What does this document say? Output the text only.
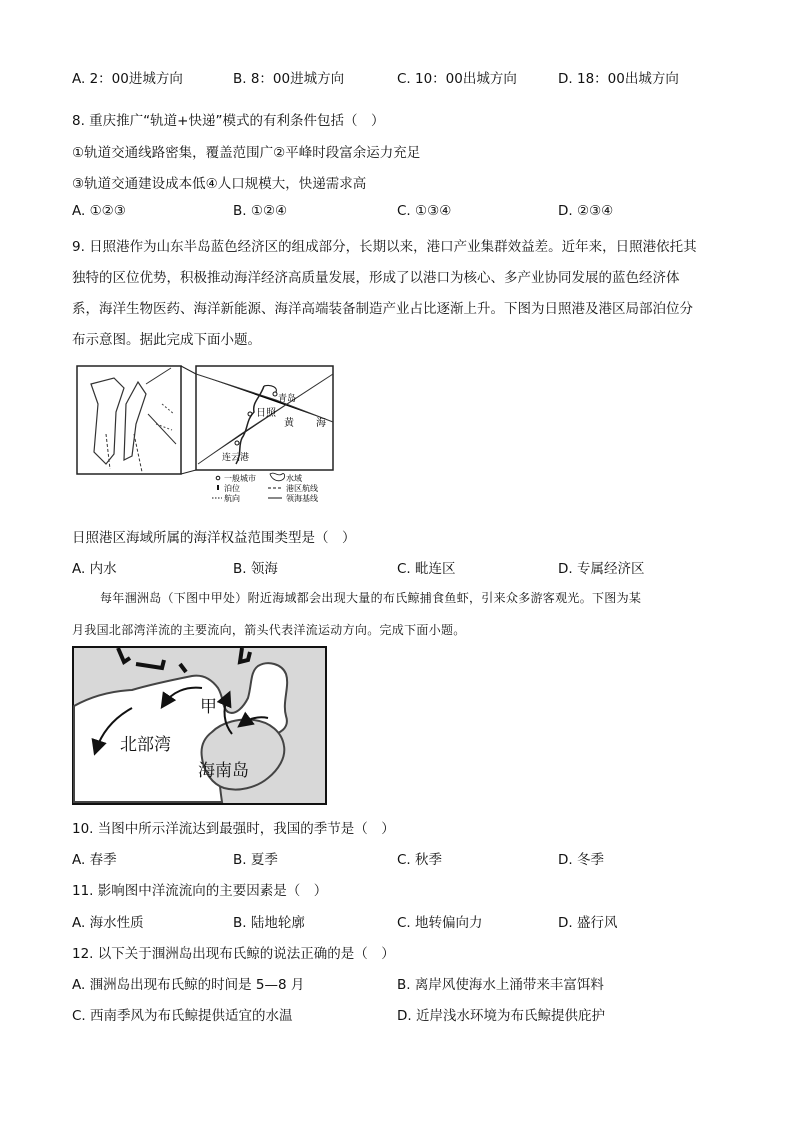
A. 2：00进城方向	B. 8：00进城方向	C. 10：00出城方向	D. 18：00出城方向
8. 重庆推广“轨道+快递”模式的有利条件包括（　）
①轨道交通线路密集，覆盖范围广②平峰时段富余运力充足
③轨道交通建设成本低④人口规模大，快递需求高
A. ①②③	B. ①②④	C. ①③④	D. ②③④
9. 日照港作为山东半岛蓝色经济区的组成部分，长期以来，港口产业集群效益差。近年来，日照港依托其
独特的区位优势，积极推动海洋经济高质量发展，形成了以港口为核心、多产业协同发展的蓝色经济体
系，海洋生物医药、海洋新能源、海洋高端装备制造产业占比逐渐上升。下图为日照港及港区局部泊位分
布示意图。据此完成下面小题。
青岛
日照
黄 海
连云港
一般城市	水域
泊位	港区航线
航向	领海基线
日照港区海域所属的海洋权益范围类型是（　）
A. 内水	B. 领海	C. 毗连区	D. 专属经济区
每年涠洲岛（下图中甲处）附近海域都会出现大量的布氏鲸捕食鱼虾，引来众多游客观光。下图为某
月我国北部湾洋流的主要流向，箭头代表洋流运动方向。完成下面小题。
甲
北部湾
海南岛
10. 当图中所示洋流达到最强时，我国的季节是（　）
A. 春季	B. 夏季	C. 秋季	D. 冬季
11. 影响图中洋流流向的主要因素是（　）
A. 海水性质	B. 陆地轮廓	C. 地转偏向力	D. 盛行风
12. 以下关于涠洲岛出现布氏鲸的说法正确的是（　）
A. 涠洲岛出现布氏鲸的时间是 5—8 月	B. 离岸风使海水上涌带来丰富饵料
C. 西南季风为布氏鲸提供适宜的水温	D. 近岸浅水环境为布氏鲸提供庇护
